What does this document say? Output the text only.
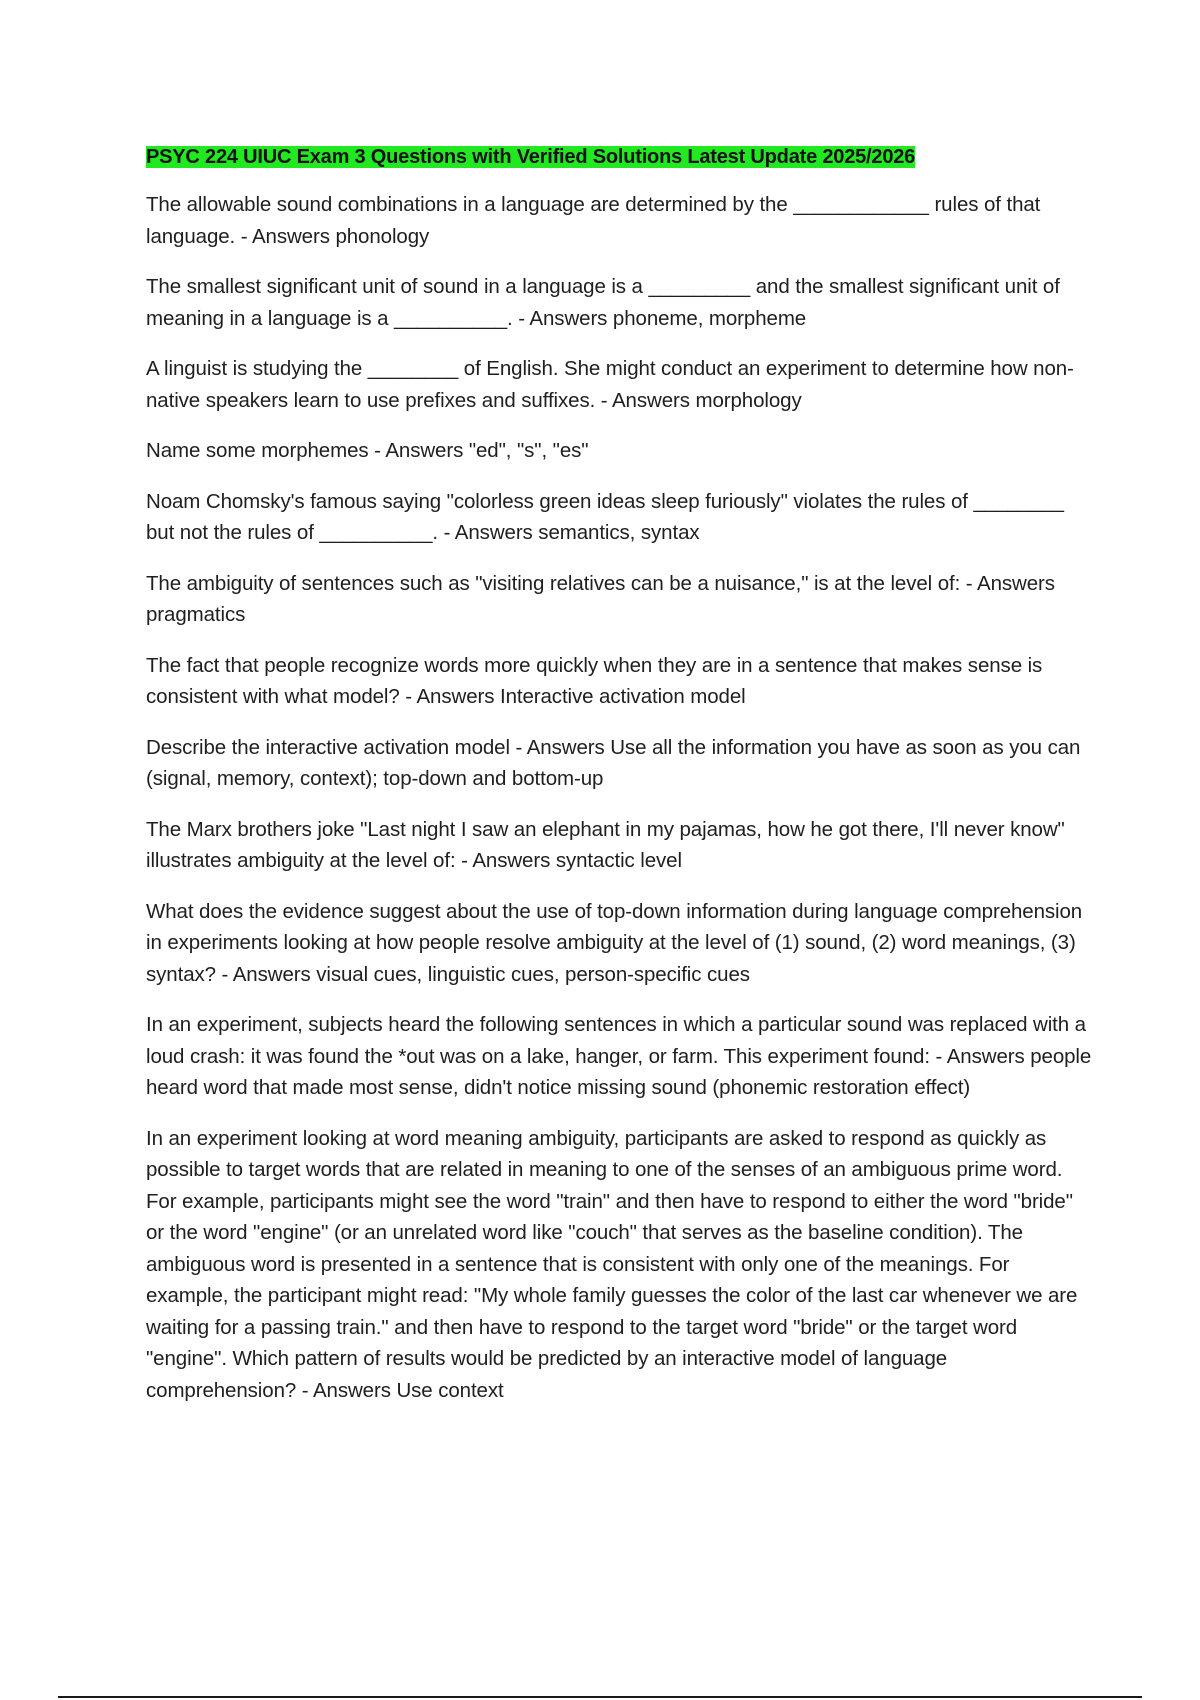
PSYC 224 UIUC Exam 3 Questions with Verified Solutions Latest Update 2025/2026

The allowable sound combinations in a language are determined by the ____________ rules of that language. - Answers phonology

The smallest significant unit of sound in a language is a _________ and the smallest significant unit of meaning in a language is a __________. - Answers phoneme, morpheme

A linguist is studying the ________ of English. She might conduct an experiment to determine how non-native speakers learn to use prefixes and suffixes. - Answers morphology

Name some morphemes - Answers "ed", "s", "es"

Noam Chomsky's famous saying "colorless green ideas sleep furiously" violates the rules of ________ but not the rules of __________. - Answers semantics, syntax

The ambiguity of sentences such as "visiting relatives can be a nuisance," is at the level of: - Answers pragmatics

The fact that people recognize words more quickly when they are in a sentence that makes sense is consistent with what model? - Answers Interactive activation model

Describe the interactive activation model - Answers Use all the information you have as soon as you can (signal, memory, context); top-down and bottom-up

The Marx brothers joke "Last night I saw an elephant in my pajamas, how he got there, I'll never know" illustrates ambiguity at the level of: - Answers syntactic level

What does the evidence suggest about the use of top-down information during language comprehension in experiments looking at how people resolve ambiguity at the level of (1) sound, (2) word meanings, (3) syntax? - Answers visual cues, linguistic cues, person-specific cues

In an experiment, subjects heard the following sentences in which a particular sound was replaced with a loud crash: it was found the *out was on a lake, hanger, or farm. This experiment found: - Answers people heard word that made most sense, didn't notice missing sound (phonemic restoration effect)

In an experiment looking at word meaning ambiguity, participants are asked to respond as quickly as possible to target words that are related in meaning to one of the senses of an ambiguous prime word. For example, participants might see the word "train" and then have to respond to either the word "bride" or the word "engine" (or an unrelated word like "couch" that serves as the baseline condition). The ambiguous word is presented in a sentence that is consistent with only one of the meanings. For example, the participant might read: "My whole family guesses the color of the last car whenever we are waiting for a passing train." and then have to respond to the target word "bride" or the target word "engine". Which pattern of results would be predicted by an interactive model of language comprehension? - Answers Use context
